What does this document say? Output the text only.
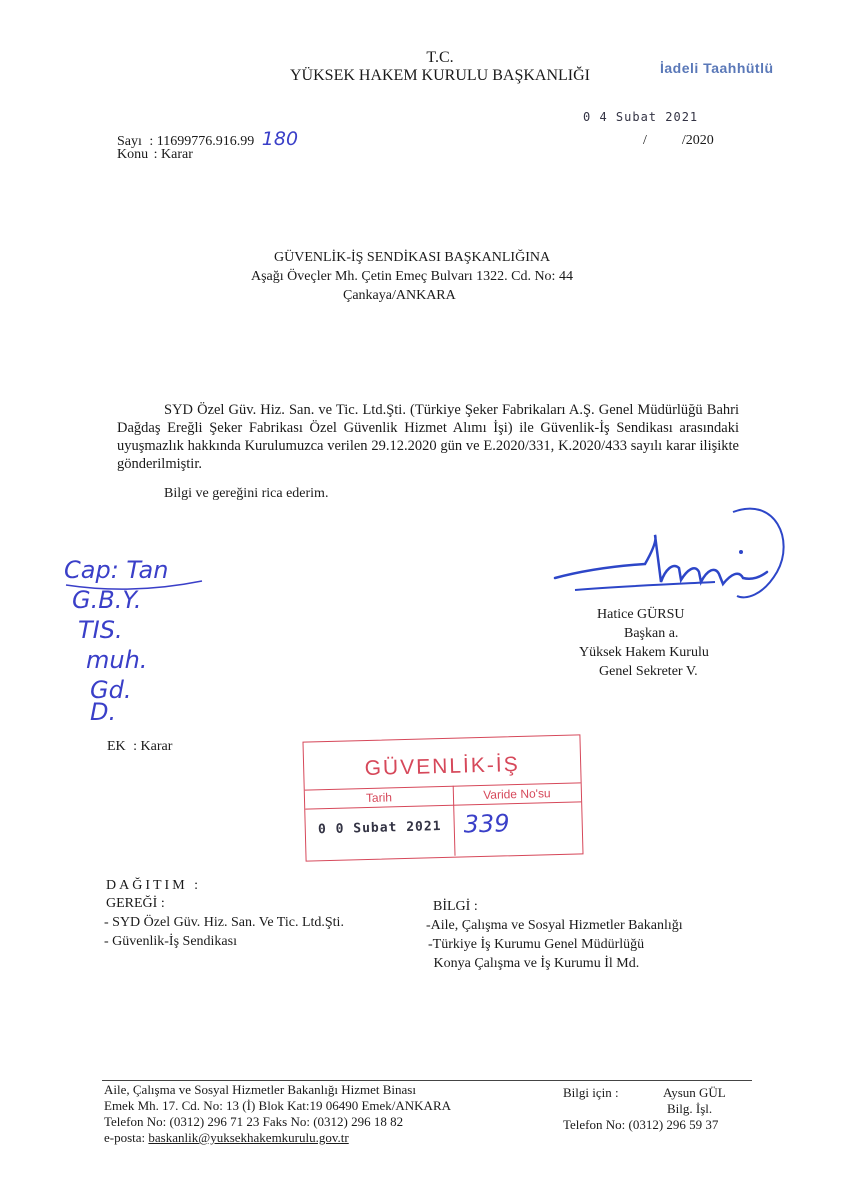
T.C.
YÜKSEK HAKEM KURULU BAŞKANLIĞI	İadeli Taahhütlü
Sayı : 11699776.916.99 180
Konu : Karar
0 4 Subat 2021
/          /2020
GÜVENLİK-İŞ SENDİKASI BAŞKANLIĞINA
Aşağı Öveçler Mh. Çetin Emeç Bulvarı 1322. Cd. No: 44
Çankaya/ANKARA
SYD Özel Güv. Hiz. San. ve Tic. Ltd.Şti. (Türkiye Şeker Fabrikaları A.Ş. Genel Müdürlüğü Bahri Dağdaş Ereğli Şeker Fabrikası Özel Güvenlik Hizmet Alımı İşi) ile Güvenlik-İş Sendikası arasındaki uyuşmazlık hakkında Kurulumuzca verilen 29.12.2020 gün ve E.2020/331, K.2020/433 sayılı karar ilişikte gönderilmiştir.
Bilgi ve gereğini rica ederim.
Cap: Tan
G.B.Y.
TIS.
muh.
Gd.
D.
Hatice GÜRSU
Başkan a.
Yüksek Hakem Kurulu
Genel Sekreter V.
EK : Karar
GÜVENLİK-İŞ
Tarih	Varide No'su
0 0 Subat 2021 339
DAĞITIM :
GEREĞİ :
- SYD Özel Güv. Hiz. San. Ve Tic. Ltd.Şti.
- Güvenlik-İş Sendikası
BİLGİ :
-Aile, Çalışma ve Sosyal Hizmetler Bakanlığı
-Türkiye İş Kurumu Genel Müdürlüğü
Konya Çalışma ve İş Kurumu İl Md.
Aile, Çalışma ve Sosyal Hizmetler Bakanlığı Hizmet Binası
Emek Mh. 17. Cd. No: 13 (İ) Blok Kat:19 06490 Emek/ANKARA
Telefon No: (0312) 296 71 23 Faks No: (0312) 296 18 82
e-posta: baskanlik@yuksekhakemkurulu.gov.tr
Bilgi için :	Aysun GÜL
Bilg. İşl.
Telefon No: (0312) 296 59 37
